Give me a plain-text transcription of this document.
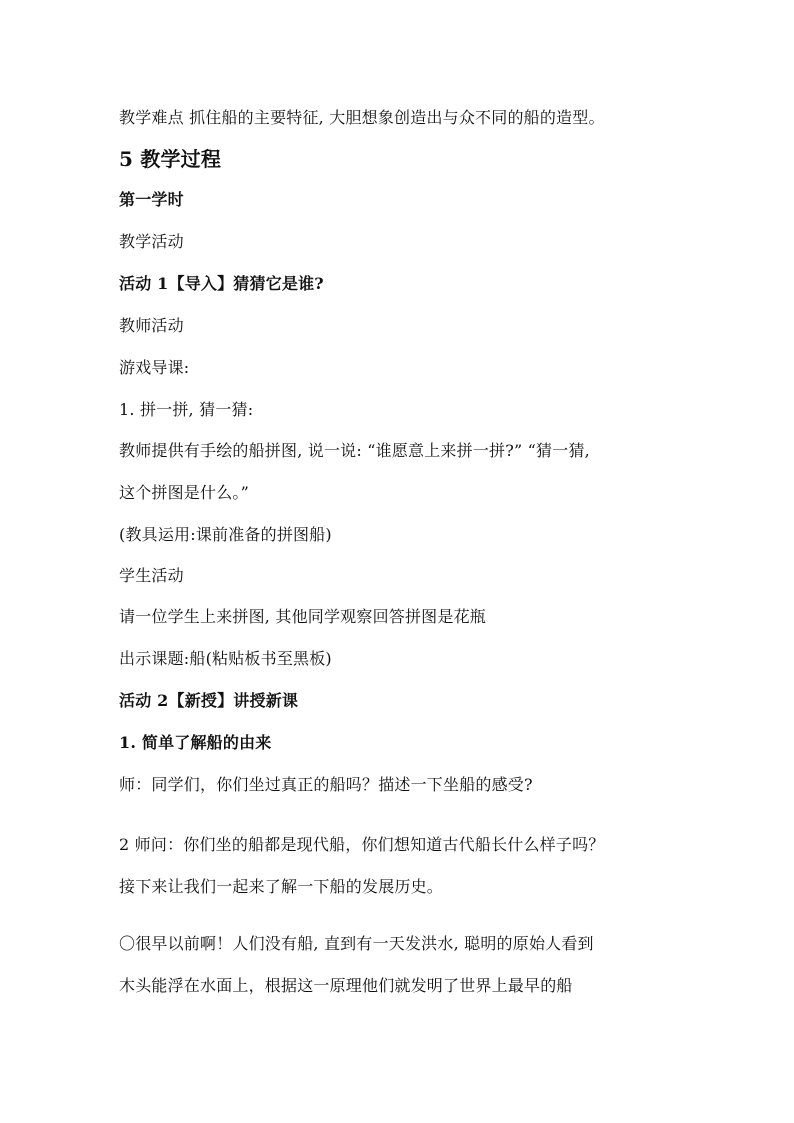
教学难点 抓住船的主要特征, 大胆想象创造出与众不同的船的造型。
5 教学过程
第一学时
教学活动
活动 1【导入】猜猜它是谁?
教师活动
游戏导课:
1. 拼一拼, 猜一猜:
教师提供有手绘的船拼图, 说一说: “谁愿意上来拼一拼?” “猜一猜,
这个拼图是什么。”
(教具运用:课前准备的拼图船)
学生活动
请一位学生上来拼图, 其他同学观察回答拼图是花瓶
出示课题:船(粘贴板书至黑板)
活动 2【新授】讲授新课
1. 简单了解船的由来
师：同学们，你们坐过真正的船吗？描述一下坐船的感受?
2 师问：你们坐的船都是现代船，你们想知道古代船长什么样子吗？
接下来让我们一起来了解一下船的发展历史。
〇很早以前啊！人们没有船, 直到有一天发洪水, 聪明的原始人看到
木头能浮在水面上，根据这一原理他们就发明了世界上最早的船
